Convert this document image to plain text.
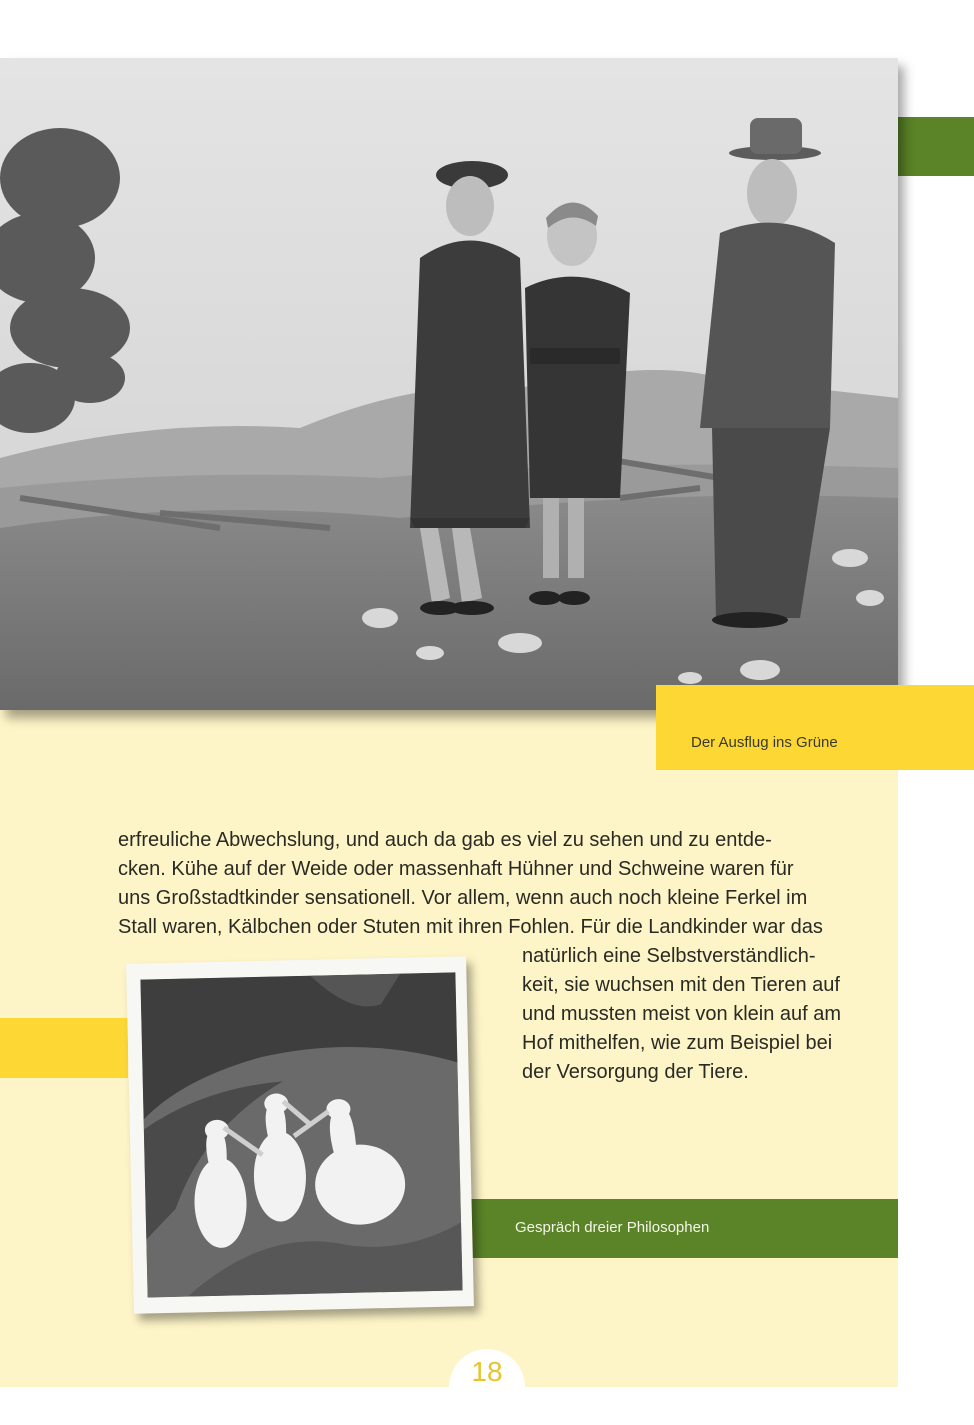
Der Ausflug ins Grüne
erfreuliche Abwechslung, und auch da gab es viel zu sehen und zu entde-
cken. Kühe auf der Weide oder massenhaft Hühner und Schweine waren für
uns Großstadtkinder sensationell. Vor allem, wenn auch noch kleine Ferkel im
Stall waren, Kälbchen oder Stuten mit ihren Fohlen. Für die Landkinder war das
natürlich eine Selbstverständlich-
keit, sie wuchsen mit den Tieren auf
und mussten meist von klein auf am
Hof mithelfen, wie zum Beispiel bei
der Versorgung der Tiere.
Gespräch dreier Philosophen
18
